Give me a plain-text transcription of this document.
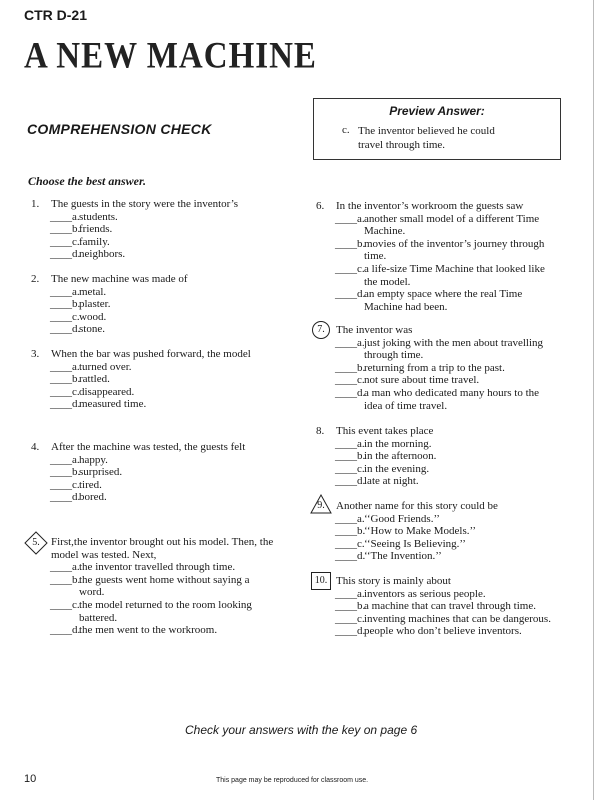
CTR D-21
A NEW MACHINE
COMPREHENSION CHECK
Preview Answer:
c. The inventor believed he could
travel through time.
Choose the best answer.
1. The guests in the story were the inventor’s
____a. students.
____b.
friends.
____c. family.
____d.
neighbors.
2. The new machine was made of
____a. metal.
____b.
plaster.
____c. wood.
____d.
stone.
3. When the bar was pushed forward, the model
____a. turned over.
____b.
rattled.
____c. disappeared.
____d.
measured time.
4. After the machine was tested, the guests felt
____a. happy.
____b.
surprised.
____c. tired.
____d.
bored.
5.	First,the inventor brought out his model. Then, the
model was tested. Next,
____a. the inventor travelled through time.
____b.
the guests went home without saying a
word.
____c. the model returned to the room looking
battered.
____d.
the men went to the workroom.
6. In the inventor’s workroom the guests saw
____a. another small model of a different Time
Machine.
____b.
movies of the inventor’s journey through
time.
____c. a life-size Time Machine that looked like
the model.
____d.
an empty space where the real Time
Machine had been.
7.	The inventor was
____a. just joking with the men about travelling
through time.
____b.
returning from a trip to the past.
____c. not sure about time travel.
____d.
a man who dedicated many hours to the
idea of time travel.
8. This event takes place
____a. in the morning.
____b.
in the afternoon.
____c. in the evening.
____d.
late at night.
9.	Another name for this story could be
____a. ‘‘Good Friends.’’
____b.
‘‘How to Make Models.’’
____c. ‘‘Seeing Is Believing.’’
____d.
‘‘The Invention.’’
10. This story is mainly about
____a. inventors as serious people.
____b.
a machine that can travel through time.
____c. inventing machines that can be dangerous.
____d.
people who don’t believe inventors.
Check your answers with the key on page 6
10	This page may be reproduced for classroom use.
